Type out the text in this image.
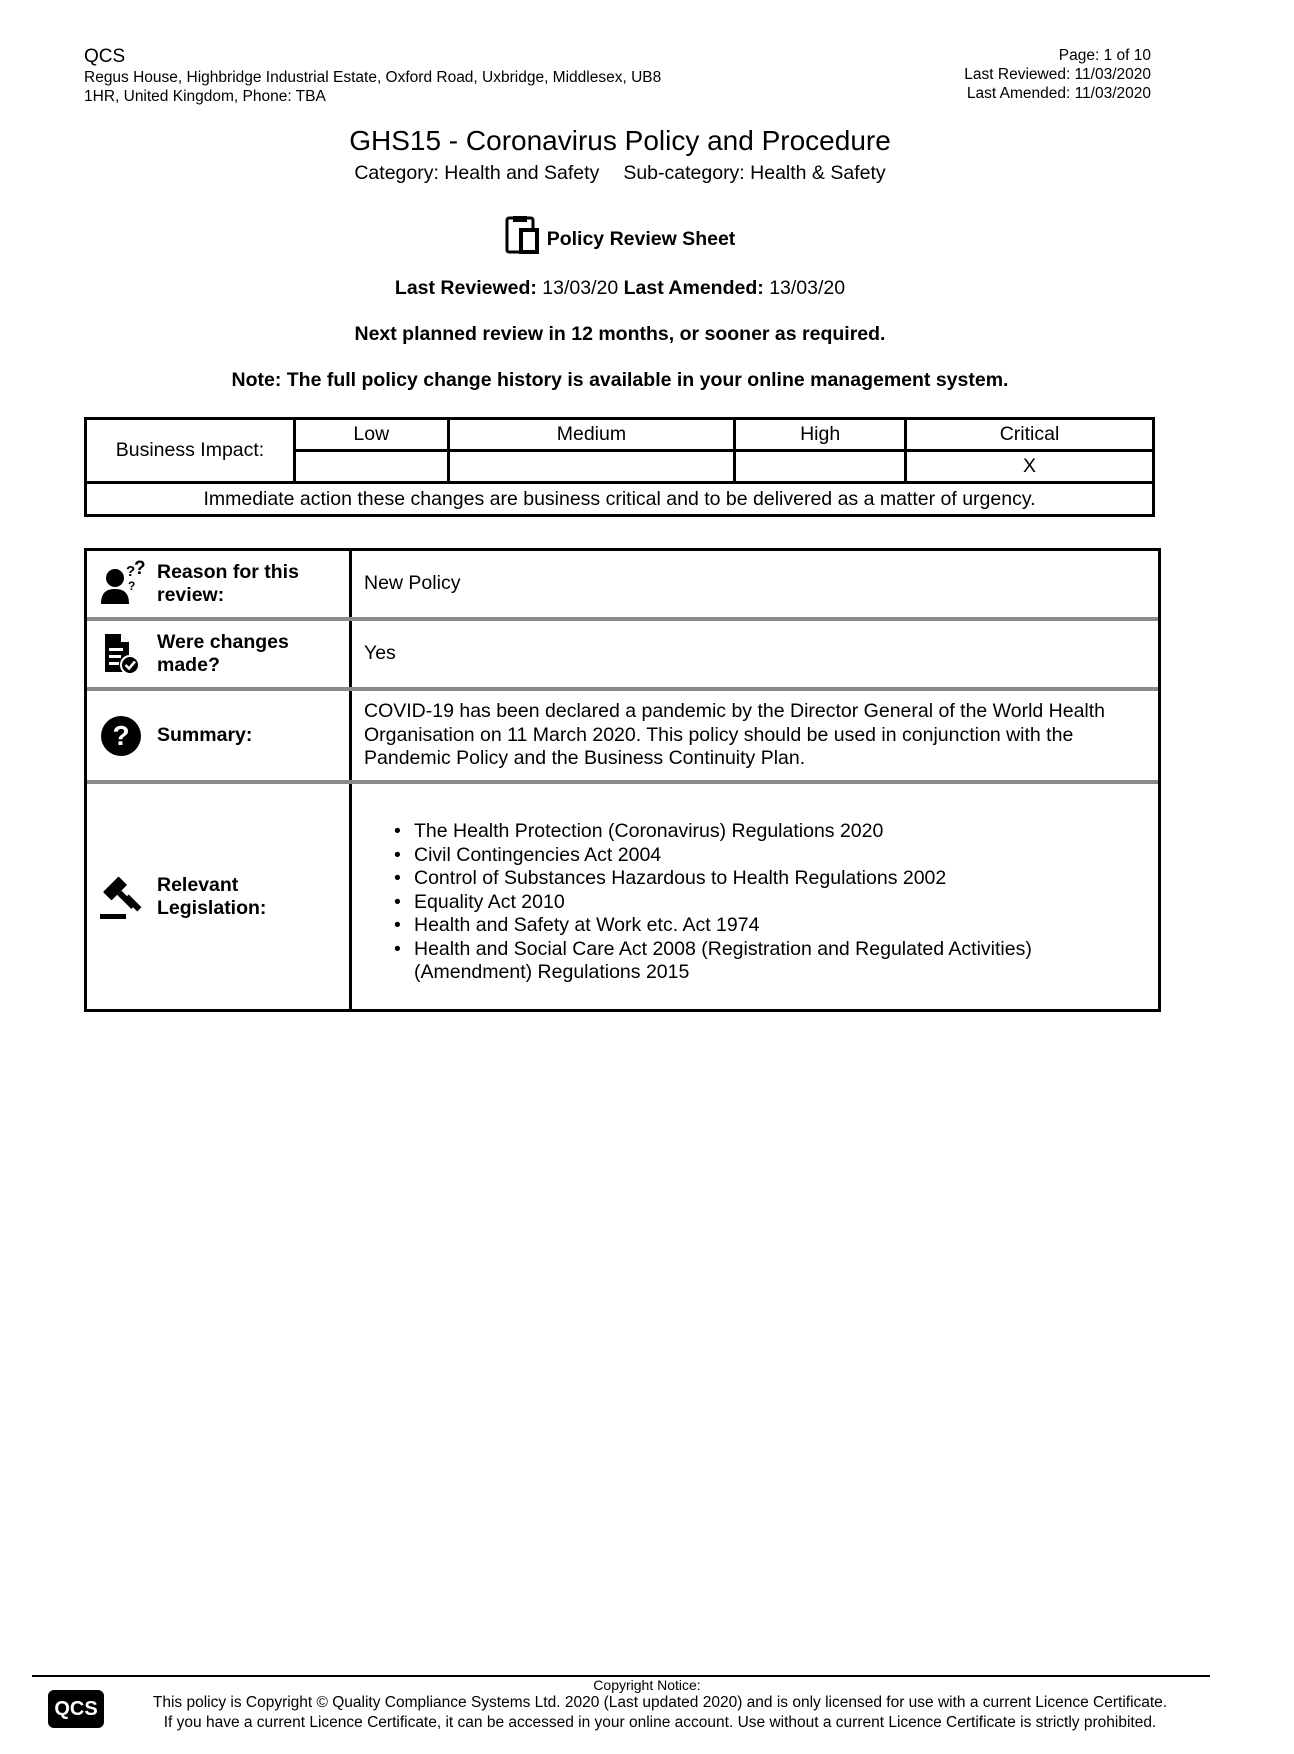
QCS
Regus House, Highbridge Industrial Estate, Oxford Road, Uxbridge, Middlesex, UB8
1HR, United Kingdom, Phone: TBA
Page: 1 of 10
Last Reviewed: 11/03/2020
Last Amended: 11/03/2020
GHS15 - Coronavirus Policy and Procedure
Category: Health and Safety Sub-category: Health & Safety
Policy Review Sheet
Last Reviewed: 13/03/20 Last Amended: 13/03/20
Next planned review in 12 months, or sooner as required.
Note: The full policy change history is available in your online management system.
Business Impact:	Low	Medium	High	Critical
				X
Immediate action these changes are business critical and to be delivered as a matter of urgency.				
?
?
?
Reason for this review:
New Policy
Were changes made?
Yes
? Summary:
COVID-19 has been declared a pandemic by the Director General of the World Health Organisation on 11 March 2020. This policy should be used in conjunction with the Pandemic Policy and the Business Continuity Plan.
Relevant Legislation:
• The Health Protection (Coronavirus) Regulations 2020
• Civil Contingencies Act 2004
• Control of Substances Hazardous to Health Regulations 2002
• Equality Act 2010
• Health and Safety at Work etc. Act 1974
• Health and Social Care Act 2008 (Registration and Regulated Activities) (Amendment) Regulations 2015
Copyright Notice:
QCS	This policy is Copyright © Quality Compliance Systems Ltd. 2020 (Last updated 2020) and is only licensed for use with a current Licence Certificate.
If you have a current Licence Certificate, it can be accessed in your online account. Use without a current Licence Certificate is strictly prohibited.
